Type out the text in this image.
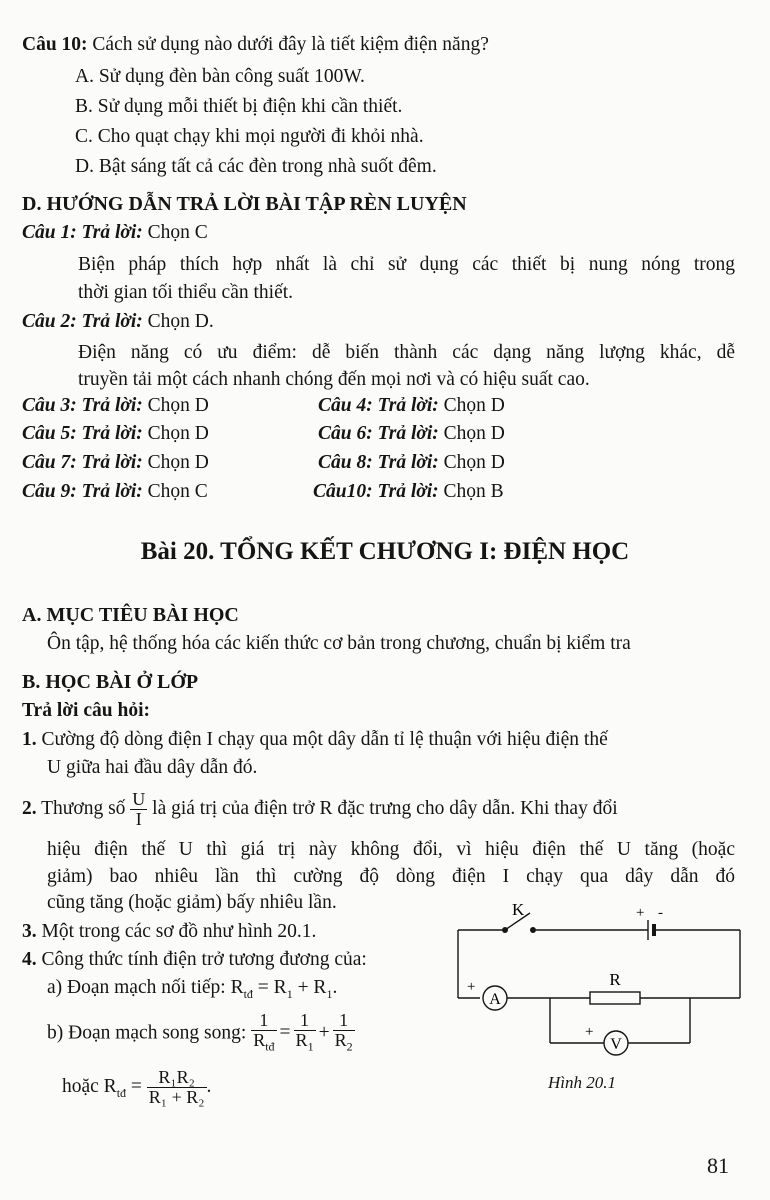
Câu 10: Cách sử dụng nào dưới đây là tiết kiệm điện năng?
A. Sử dụng đèn bàn công suất 100W.
B. Sử dụng mỗi thiết bị điện khi cần thiết.
C. Cho quạt chạy khi mọi người đi khỏi nhà.
D. Bật sáng tất cả các đèn trong nhà suốt đêm.
D. HƯỚNG DẪN TRẢ LỜI BÀI TẬP RÈN LUYỆN
Câu 1: Trả lời: Chọn C
Biện pháp thích hợp nhất là chỉ sử dụng các thiết bị nung nóng trong
thời gian tối thiểu cần thiết.
Câu 2: Trả lời: Chọn D.
Điện năng có ưu điểm: dễ biến thành các dạng năng lượng khác, dễ
truyền tải một cách nhanh chóng đến mọi nơi và có hiệu suất cao.
Câu 3: Trả lời: Chọn D	Câu 4: Trả lời: Chọn D
Câu 5: Trả lời: Chọn D	Câu 6: Trả lời: Chọn D
Câu 7: Trả lời: Chọn D	Câu 8: Trả lời: Chọn D
Câu 9: Trả lời: Chọn C	Câu10: Trả lời: Chọn B
Bài 20. TỔNG KẾT CHƯƠNG I: ĐIỆN HỌC
A. MỤC TIÊU BÀI HỌC
Ôn tập, hệ thống hóa các kiến thức cơ bản trong chương, chuẩn bị kiểm tra
B. HỌC BÀI Ở LỚP
Trả lời câu hỏi:
1. Cường độ dòng điện I chạy qua một dây dẫn tỉ lệ thuận với hiệu điện thế
U giữa hai đầu dây dẫn đó.
2. Thương số $\frac{U}{I}$ là giá trị của điện trở R đặc trưng cho dây dẫn. Khi thay đổi
hiệu điện thế U thì giá trị này không đổi, vì hiệu điện thế U tăng (hoặc
giảm) bao nhiêu lần thì cường độ dòng điện I chạy qua dây dẫn đó
cũng tăng (hoặc giảm) bấy nhiêu lần.
3. Một trong các sơ đồ như hình 20.1.
4. Công thức tính điện trở tương đương của:
a) Đoạn mạch nối tiếp: $R_{tđ} = R_1 + R_1$.
b) Đoạn mạch song song: $\frac{1}{R_{tđ}} = \frac{1}{R_1} + \frac{1}{R_2}$
hoặc $R_{tđ} = \frac{\text{R₁R₂}}{\text{R₁ + R₂}}$ .
K	+ -
A
+	R
V
+
Hình 20.1
81
